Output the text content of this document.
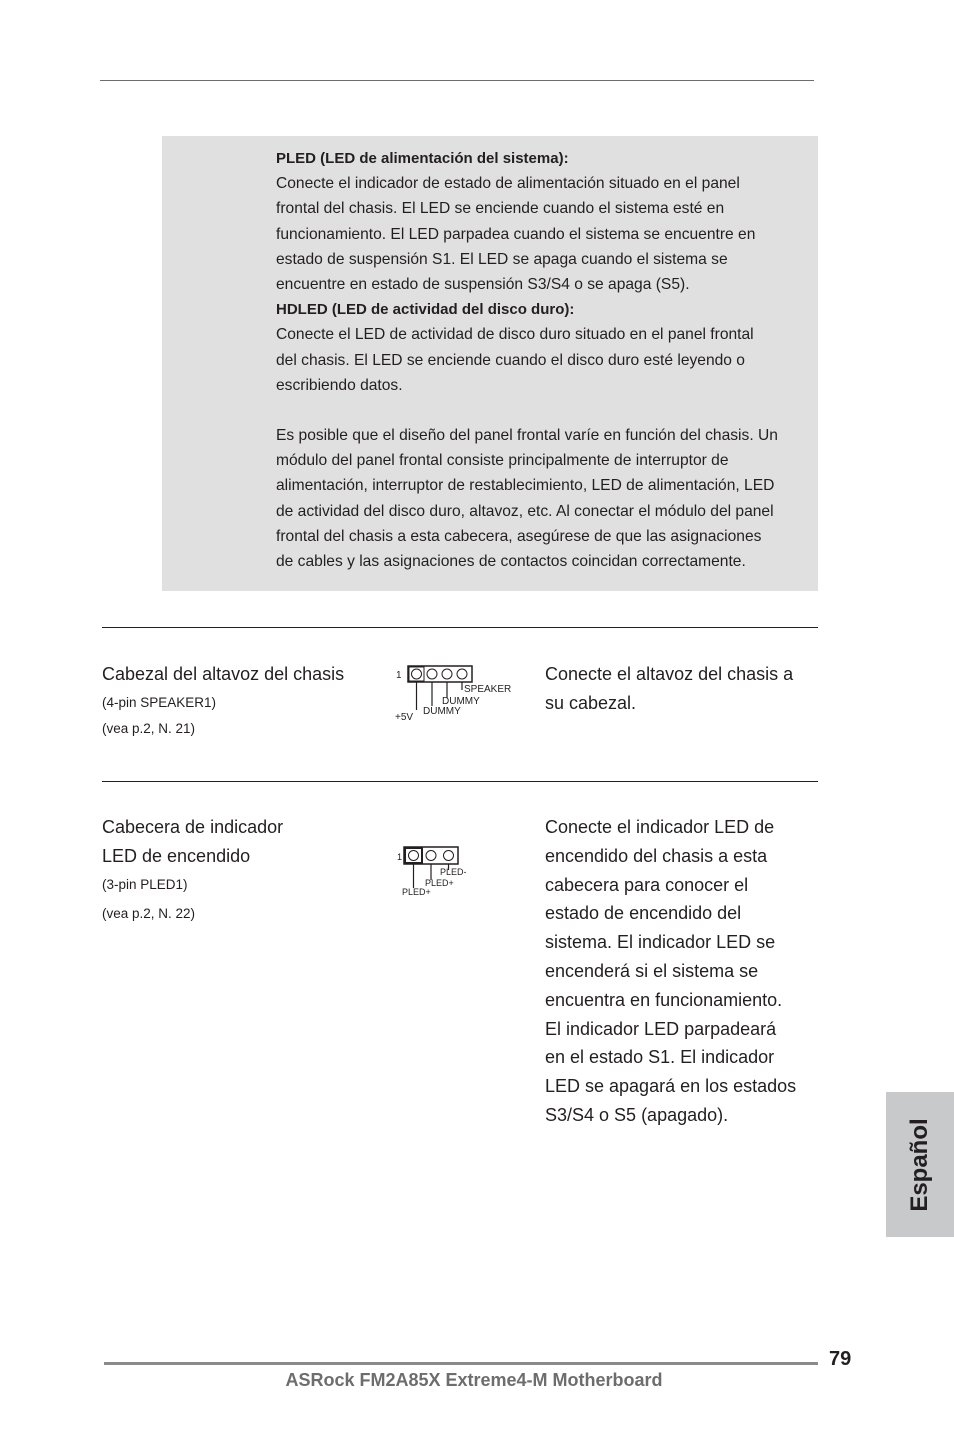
PLED (LED de alimentación del sistema):

Conecte el indicador de estado de alimentación situado en el panel

frontal del chasis. El LED se enciende cuando el sistema esté en

funcionamiento. El LED parpadea cuando el sistema se encuentre en

estado de suspensión S1. El LED se apaga cuando el sistema se

encuentre en estado de suspensión S3/S4 o se apaga (S5).

HDLED (LED de actividad del disco duro):

Conecte el LED de actividad de disco duro situado en el panel frontal

del chasis. El LED se enciende cuando el disco duro esté leyendo o

escribiendo datos.

Es posible que el diseño del panel frontal varíe en función del chasis. Un

módulo del panel frontal consiste principalmente de interruptor de

alimentación, interruptor de restablecimiento, LED de alimentación, LED

de actividad del disco duro, altavoz, etc. Al conectar el módulo del panel

frontal del chasis a esta cabecera, asegúrese de que las asignaciones

de cables y las asignaciones de contactos coincidan correctamente.

Cabezal del altavoz del chasis
(4-pin SPEAKER1)
(vea p.2, N. 21)
1
SPEAKER
DUMMY
DUMMY
+5V

Conecte el altavoz del chasis a

su cabezal.

Cabecera de indicador
LED de encendido
(3-pin PLED1)
(vea p.2, N. 22)
1
PLED-
PLED+
PLED+

Conecte el indicador LED de

encendido del chasis a esta

cabecera para conocer el

estado de encendido del

sistema. El indicador LED se

encenderá si el sistema se

encuentra en funcionamiento.

El indicador LED parpadeará

en el estado S1. El indicador

LED se apagará en los estados

S3/S4 o S5 (apagado).

Español
79
ASRock FM2A85X Extreme4-M Motherboard
